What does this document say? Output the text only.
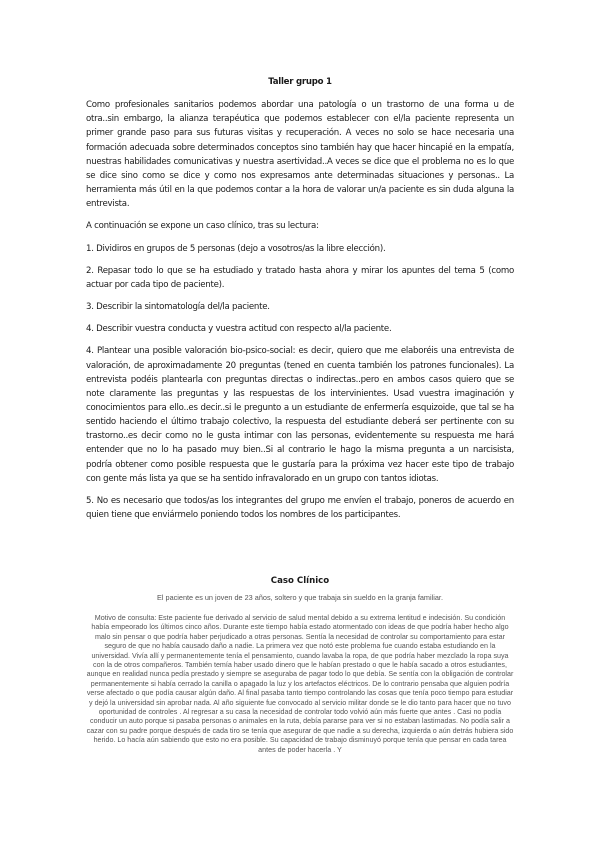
Taller grupo 1

Como profesionales sanitarios podemos abordar una patología o un trastorno de una forma u de otra..sin embargo, la alianza terapéutica que podemos establecer con el/la paciente representa un primer grande paso para sus futuras visitas y recuperación. A veces no solo se hace necesaria una formación adecuada sobre determinados conceptos sino también hay que hacer hincapié en la empatía, nuestras habilidades comunicativas y nuestra asertividad..A veces se dice que el problema no es lo que se dice sino como se dice y como nos expresamos ante determinadas situaciones y personas.. La herramienta más útil en la que podemos contar a la hora de valorar un/a paciente es sin duda alguna la entrevista.

A continuación se expone un caso clínico, tras su lectura:

1. Dividiros en grupos de 5 personas (dejo a vosotros/as la libre elección).

2. Repasar todo lo que se ha estudiado y tratado hasta ahora y mirar los apuntes del tema 5 (como actuar por cada tipo de paciente).

3. Describir la sintomatología del/la paciente.

4. Describir vuestra conducta y vuestra actitud con respecto al/la paciente.

4. Plantear una posible valoración bio-psico-social: es decir, quiero que me elaboréis una entrevista de valoración, de aproximadamente 20 preguntas (tened en cuenta también los patrones funcionales). La entrevista podéis plantearla con preguntas directas o indirectas..pero en ambos casos quiero que se note claramente las preguntas y las respuestas de los intervinientes. Usad vuestra imaginación y conocimientos para ello..es decir..si le pregunto a un estudiante de enfermería esquizoide, que tal se ha sentido haciendo el último trabajo colectivo, la respuesta del estudiante deberá ser pertinente con su trastorno..es decir como no le gusta intimar con las personas, evidentemente su respuesta me hará entender que no lo ha pasado muy bien..Si al contrario le hago la misma pregunta a un narcisista, podría obtener como posible respuesta que le gustaría para la próxima vez hacer este tipo de trabajo con gente más lista ya que se ha sentido infravalorado en un grupo con tantos idiotas.

5. No es necesario que todos/as los integrantes del grupo me envíen el trabajo, poneros de acuerdo en quien tiene que enviármelo poniendo todos los nombres de los participantes.

Caso Clínico
El paciente es un joven de 23 años, soltero y que trabaja sin sueldo en la granja familiar.
Motivo de consulta: Este paciente fue derivado al servicio de salud mental debido a su extrema lentitud e indecisión. Su condición había empeorado los últimos cinco años. Durante este tiempo había estado atormentado con ideas de que podría haber hecho algo malo sin pensar o que podría haber perjudicado a otras personas. Sentía la necesidad de controlar su comportamiento para estar seguro de que no había causado daño a nadie. La primera vez que notó este problema fue cuando estaba estudiando en la universidad. Vivía allí y permanentemente tenía el pensamiento, cuando lavaba la ropa, de que podría haber mezclado la ropa suya con la de otros compañeros. También temía haber usado dinero que le habían prestado o que le había sacado a otros estudiantes, aunque en realidad nunca pedía prestado y siempre se aseguraba de pagar todo lo que debía. Se sentía con la obligación de controlar permanentemente si había cerrado la canilla o apagado la luz y los artefactos eléctricos. De lo contrario pensaba que alguien podría verse afectado o que podía causar algún daño. Al final pasaba tanto tiempo controlando las cosas que tenía poco tiempo para estudiar y dejó la universidad sin aprobar nada. Al año siguiente fue convocado al servicio militar donde se le dio tanto para hacer que no tuvo oportunidad de controles . Al regresar a su casa la necesidad de controlar todo volvió aún más fuerte que antes . Casi no podía conducir un auto porque si pasaba personas o animales en la ruta, debía pararse para ver si no estaban lastimadas. No podía salir a cazar con su padre porque después de cada tiro se tenía que asegurar de que nadie a su derecha, izquierda o aún detrás hubiera sido herido. Lo hacía aún sabiendo que esto no era posible. Su capacidad de trabajo disminuyó porque tenía que pensar en cada tarea antes de poder hacerla . Y
